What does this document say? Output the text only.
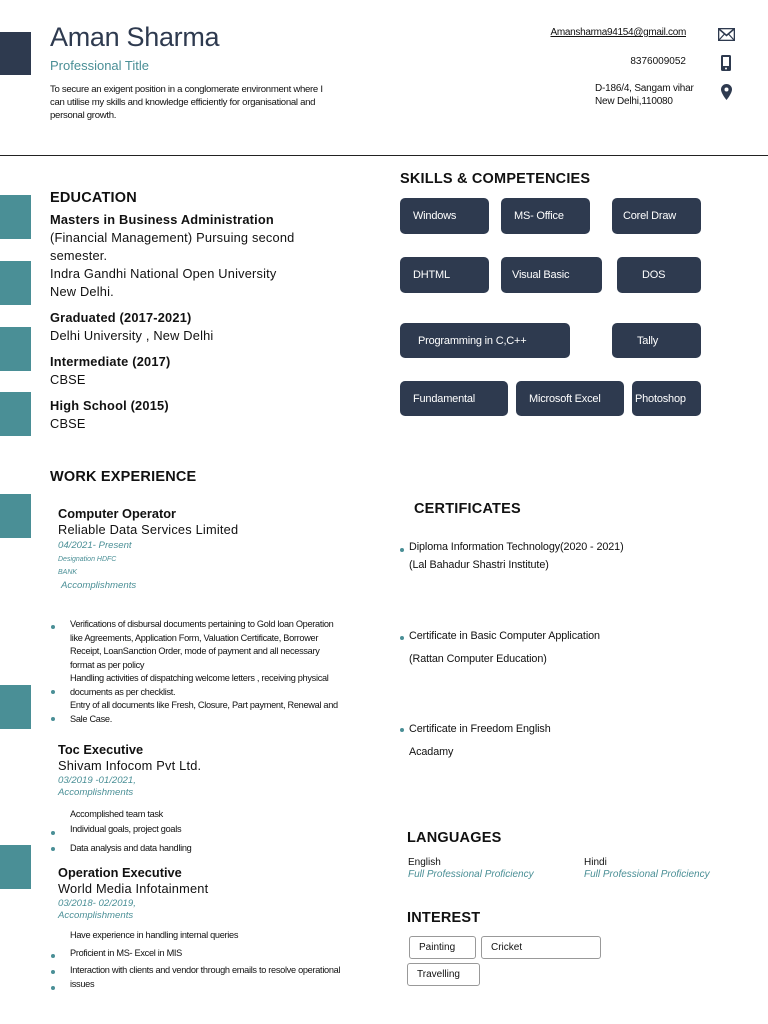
Aman Sharma
Professional Title
To secure an exigent position in a conglomerate environment where I can utilise my skills and knowledge efficiently for organisational and personal growth.
Amansharma94154@gmail.com
8376009052
D-186/4, Sangam vihar
New Delhi,110080
EDUCATION

Masters in Business Administration

(Financial Management) Pursuing second

semester.

Indra Gandhi National Open University

New Delhi.

Graduated (2017-2021)

Delhi University , New Delhi

Intermediate (2017)

CBSE

High School (2015)

CBSE

WORK EXPERIENCE
Computer Operator
Reliable Data Services Limited
04/2021- Present
Designation HDFC
BANK
Accomplishments
Verifications of disbursal documents pertaining to Gold loan Operation like Agreements, Application Form, Valuation Certificate, Borrower Receipt, LoanSanction Order, mode of payment and all necessary format as per policy
Handling activities of dispatching welcome letters , receiving physical documents as per checklist.
Entry of all documents like Fresh, Closure, Part payment, Renewal and Sale Case.
Toc Executive
Shivam Infocom Pvt Ltd.
03/2019 -01/2021,
Accomplishments
Accomplished team task
Individual goals, project goals
Data analysis and data handling
Operation Executive
World Media Infotainment
03/2018- 02/2019,
Accomplishments
Have experience in handling internal queries
Proficient in MS- Excel in MIS
Interaction with clients and vendor through emails to resolve operational issues
SKILLS & COMPETENCIES
Windows	MS- Office	Corel Draw
DHTML	Visual Basic	DOS
Programming in C,C++	Tally
Fundamental	Microsoft Excel	Photoshop
CERTIFICATES
Diploma Information Technology(2020 - 2021)
(Lal Bahadur Shastri Institute)
Certificate in Basic Computer Application
(Rattan Computer Education)
Certificate in Freedom English
Acadamy
LANGUAGES
English
Full Professional Proficiency
Hindi
Full Professional Proficiency
INTEREST
Painting	Cricket
Travelling
